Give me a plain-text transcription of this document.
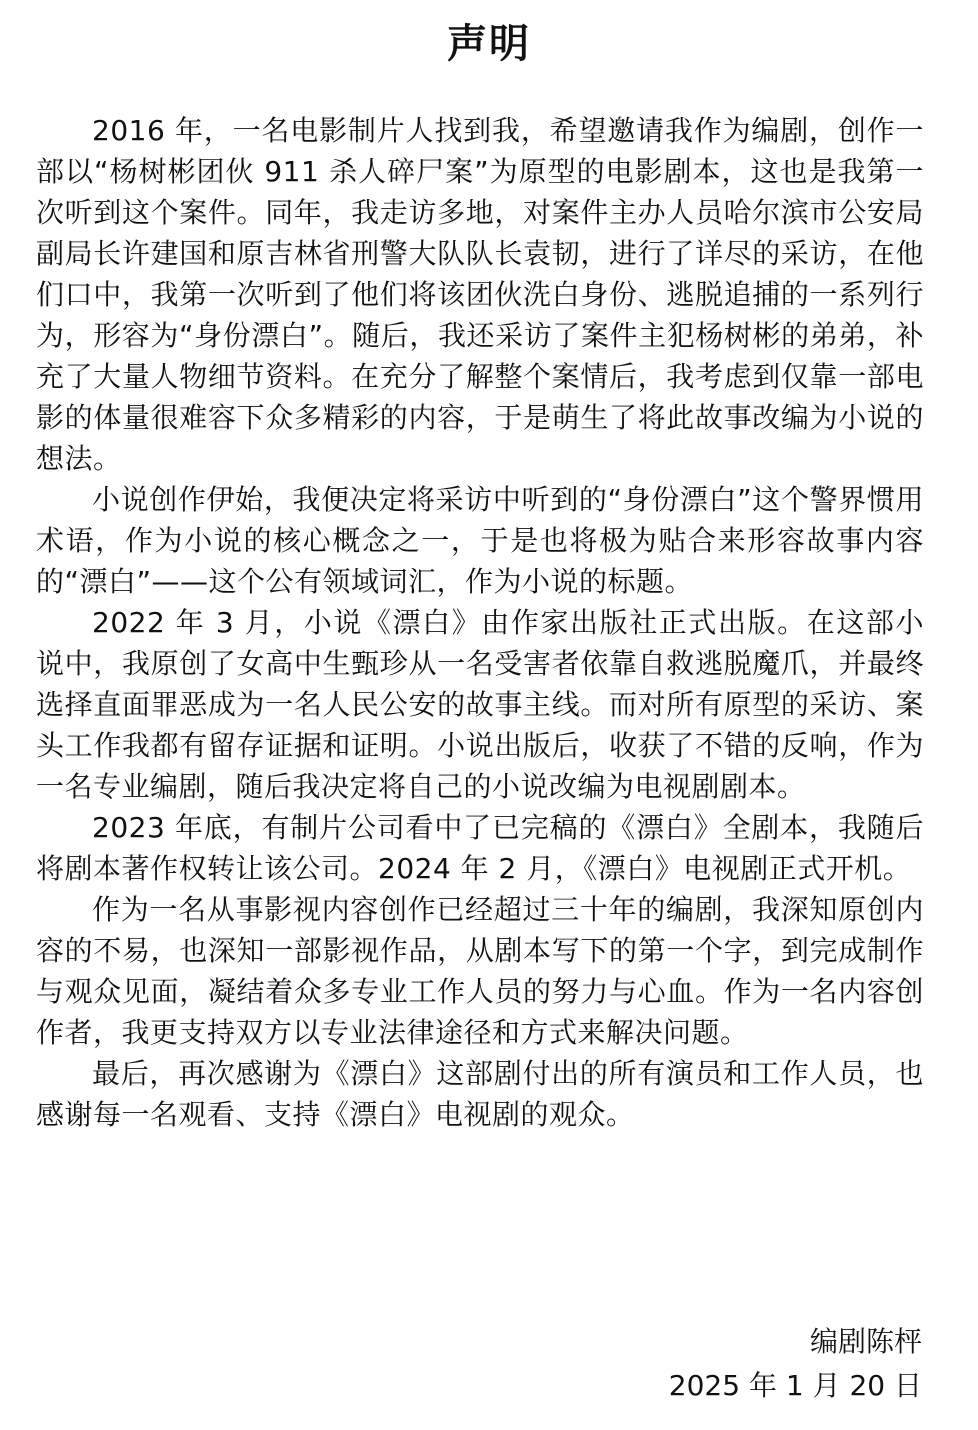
声明

2016 年，一名电影制片人找到我，希望邀请我作为编剧，创作一部以“杨树彬团伙 911 杀人碎尸案”为原型的电影剧本，这也是我第一次听到这个案件。同年，我走访多地，对案件主办人员哈尔滨市公安局副局长许建国和原吉林省刑警大队队长袁韧，进行了详尽的采访，在他们口中，我第一次听到了他们将该团伙洗白身份、逃脱追捕的一系列行为，形容为“身份漂白”。随后，我还采访了案件主犯杨树彬的弟弟，补充了大量人物细节资料。在充分了解整个案情后，我考虑到仅靠一部电影的体量很难容下众多精彩的内容，于是萌生了将此故事改编为小说的想法。

小说创作伊始，我便决定将采访中听到的“身份漂白”这个警界惯用术语，作为小说的核心概念之一，于是也将极为贴合来形容故事内容的“漂白”——这个公有领域词汇，作为小说的标题。

2022 年 3 月，小说《漂白》由作家出版社正式出版。在这部小说中，我原创了女高中生甄珍从一名受害者依靠自救逃脱魔爪，并最终选择直面罪恶成为一名人民公安的故事主线。而对所有原型的采访、案头工作我都有留存证据和证明。小说出版后，收获了不错的反响，作为一名专业编剧，随后我决定将自己的小说改编为电视剧剧本。

2023 年底，有制片公司看中了已完稿的《漂白》全剧本，我随后将剧本著作权转让该公司。2024 年 2 月，《漂白》电视剧正式开机。

作为一名从事影视内容创作已经超过三十年的编剧，我深知原创内容的不易，也深知一部影视作品，从剧本写下的第一个字，到完成制作与观众见面，凝结着众多专业工作人员的努力与心血。作为一名内容创作者，我更支持双方以专业法律途径和方式来解决问题。

最后，再次感谢为《漂白》这部剧付出的所有演员和工作人员，也感谢每一名观看、支持《漂白》电视剧的观众。

编剧陈枰
2025 年 1 月 20 日
